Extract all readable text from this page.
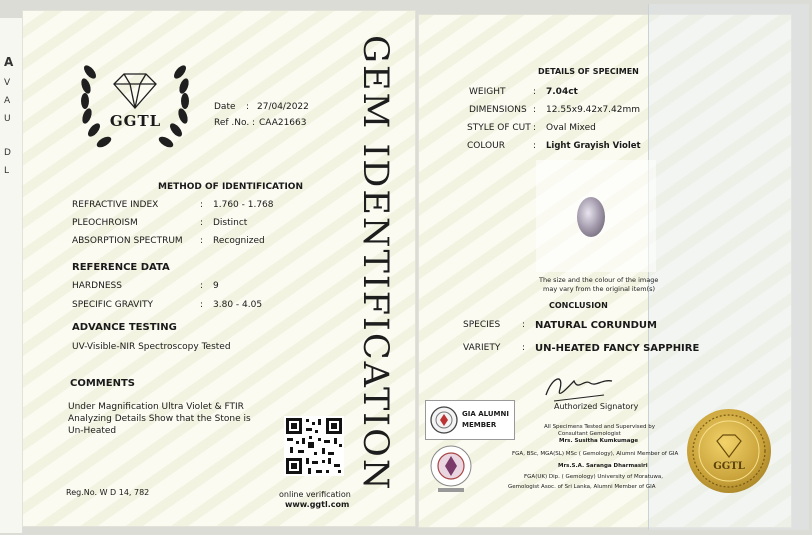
A
V
A
U
D
L
GGTL
Date : 27/04/2022
Ref .No. : CAA21663
METHOD OF IDENTIFICATION
REFRACTIVE INDEX	: 1.760 - 1.768
PLEOCHROISM	: Distinct
ABSORPTION SPECTRUM : Recognized
REFERENCE DATA
HARDNESS	: 9
SPECIFIC GRAVITY	: 3.80 - 4.05
ADVANCE TESTING
UV-Visible-NIR Spectroscopy Tested
COMMENTS
Under Magnification Ultra Violet & FTIR
Analyzing Details Show that the Stone is
Un-Heated
Reg.No. W D 14, 782	online verification
www.ggtl.com
GEM IDENTIFICATION	DETAILS OF SPECIMEN
WEIGHT	: 7.04ct
DIMENSIONS : 12.55x9.42x7.42mm
STYLE OF CUT : Oval Mixed
COLOUR	: Light Grayish Violet
The size and the colour of the image
may vary from the original item(s)
CONCLUSION
SPECIES : NATURAL CORUNDUM
VARIETY : UN-HEATED FANCY SAPPHIRE
Authorized Signatory
All Specimens Tested and Supervised by
Consultant Gemologist
Mrs. Susitha Kumkumage
FGA, BSc, MGA(SL) MSc ( Gemology), Alumni Member of GIA
Mrs.S.A. Saranga Dharmasiri
FGA(UK) Dip. ( Gemology) University of Moratuwa,
Gemologist Asoc. of Sri Lanka, Alumni Member of GIA
GIA ALUMNI
MEMBER
GGTL
